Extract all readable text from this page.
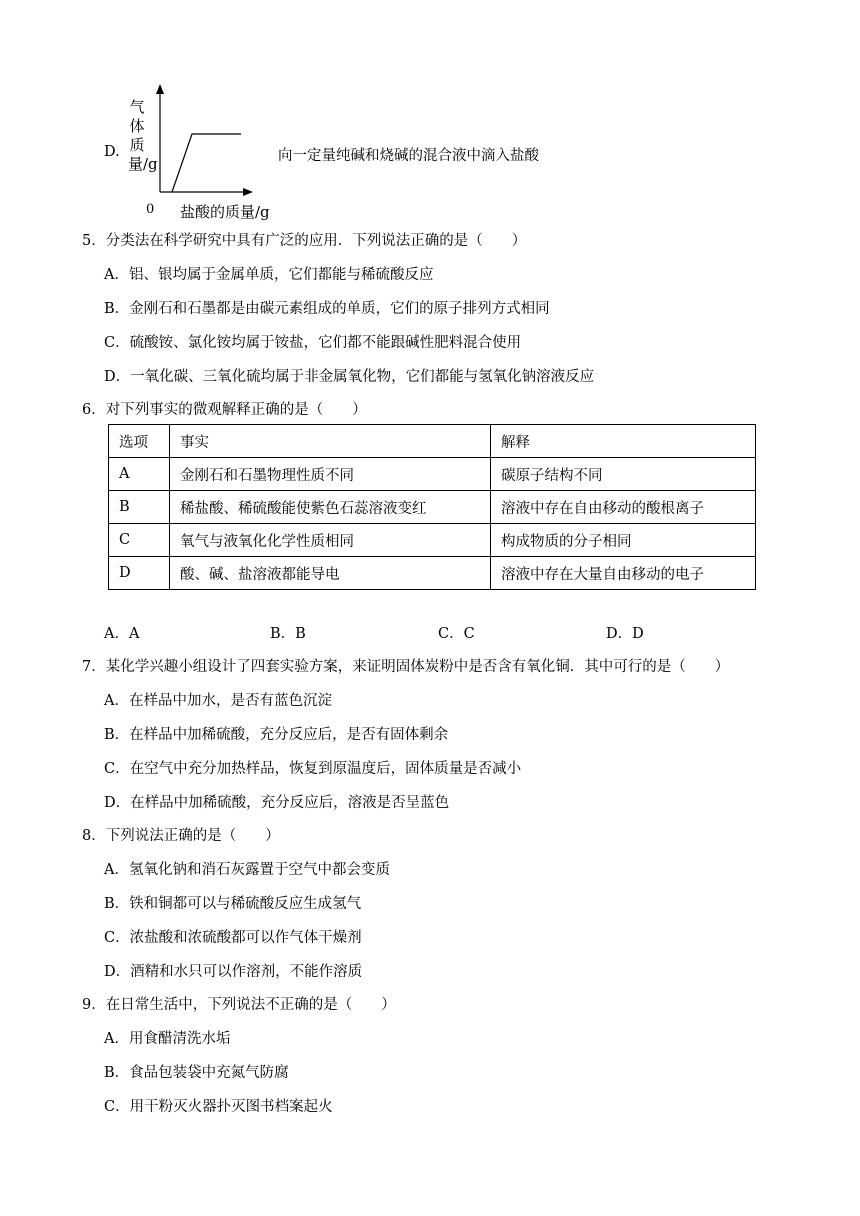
D.
气体质量/g
0 盐酸的质量/g
向一定量纯碱和烧碱的混合液中滴入盐酸
5．分类法在科学研究中具有广泛的应用．下列说法正确的是（　　）
A．铝、银均属于金属单质，它们都能与稀硫酸反应
B．金刚石和石墨都是由碳元素组成的单质，它们的原子排列方式相同
C．硫酸铵、氯化铵均属于铵盐，它们都不能跟碱性肥料混合使用
D．一氧化碳、三氧化硫均属于非金属氧化物，它们都能与氢氧化钠溶液反应
6．对下列事实的微观解释正确的是（　　）
选项	事实	解释
A	金刚石和石墨物理性质不同	碳原子结构不同
B	稀盐酸、稀硫酸能使紫色石蕊溶液变红	溶液中存在自由移动的酸根离子
C	氧气与液氧化化学性质相同	构成物质的分子相同
D	酸、碱、盐溶液都能导电	溶液中存在大量自由移动的电子
A．A	B．B	C．C	D．D
7．某化学兴趣小组设计了四套实验方案，来证明固体炭粉中是否含有氧化铜．其中可行的是（　　）
A．在样品中加水，是否有蓝色沉淀
B．在样品中加稀硫酸，充分反应后，是否有固体剩余
C．在空气中充分加热样品，恢复到原温度后，固体质量是否减小
D．在样品中加稀硫酸，充分反应后，溶液是否呈蓝色
8．下列说法正确的是（　　）
A．氢氧化钠和消石灰露置于空气中都会变质
B．铁和铜都可以与稀硫酸反应生成氢气
C．浓盐酸和浓硫酸都可以作气体干燥剂
D．酒精和水只可以作溶剂，不能作溶质
9．在日常生活中，下列说法不正确的是（　　）
A．用食醋清洗水垢
B．食品包装袋中充氮气防腐
C．用干粉灭火器扑灭图书档案起火
